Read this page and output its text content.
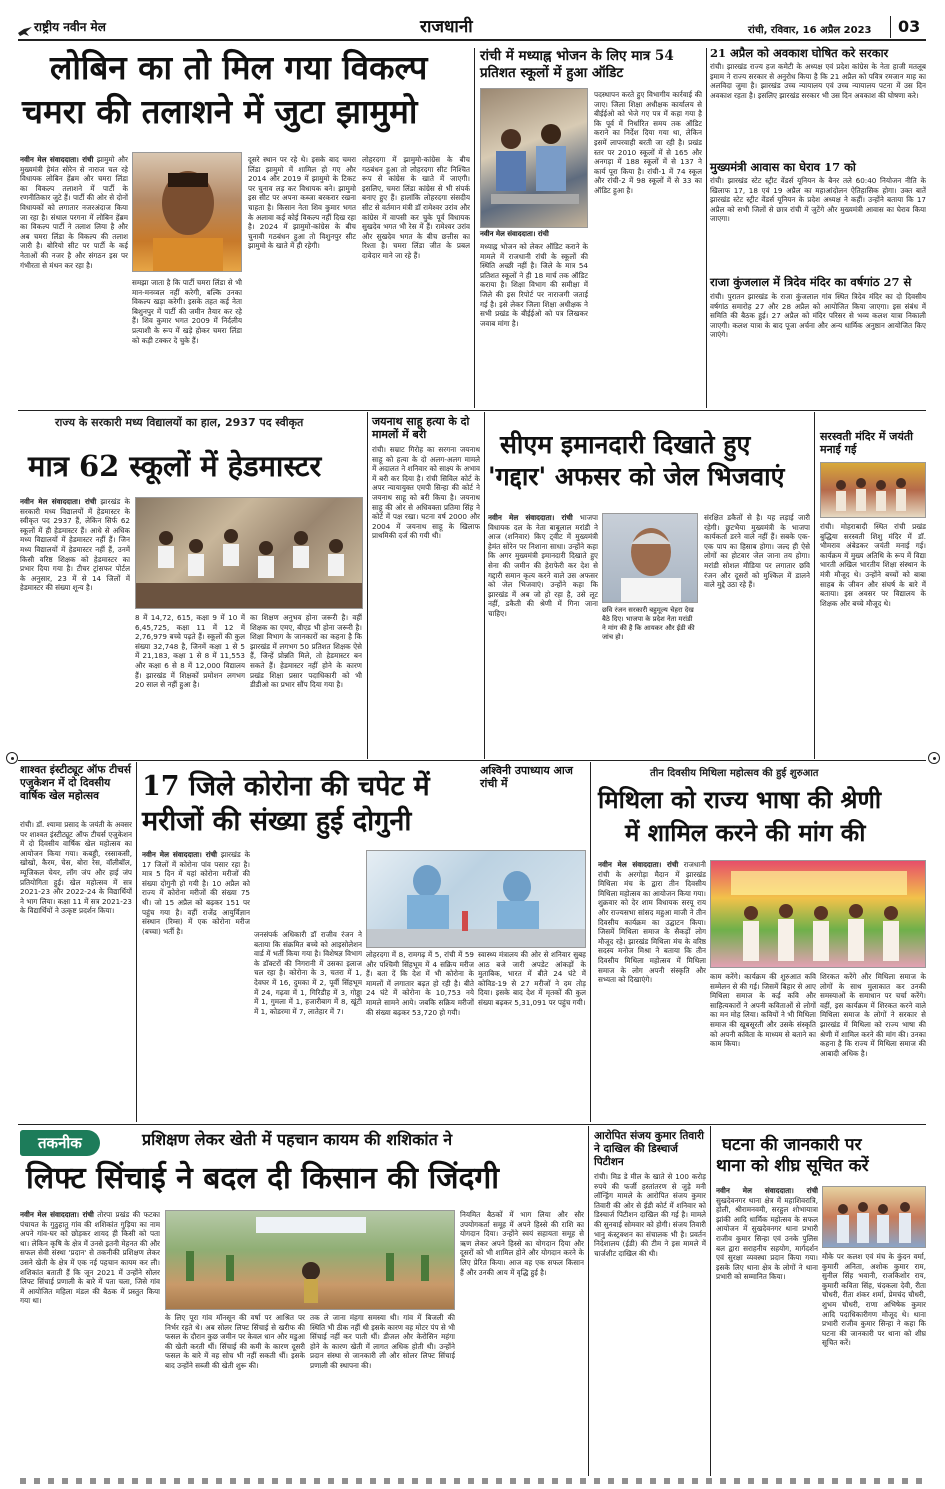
राष्ट्रीय नवीन मेल	राजधानी	रांची, रविवार, 16 अप्रैल 2023 03
लोबिन का तो मिल गया विकल्प
चमरा की तलाशने में जुटा झामुमो
नवीन मेल संवाददाता। रांची झामुमो और मुख्यमंत्री हेमंत सोरेन से नाराज चल रहे विधायक लोबिन हेंब्रम और चमरा लिंडा का विकल्प तलाशने में पार्टी के रणनीतिकार जुटे हैं। पार्टी की ओर से दोनों विधायकों को लगातार नजरअंदाज किया जा रहा है। संथाल परगना में लोबिन हेंब्रम का विकल्प पार्टी ने तलाश लिया है और अब चमरा लिंडा के विकल्प की तलाश जारी है। बोरियो सीट पर पार्टी के कई नेताओं की नजर है और संगठन इस पर गंभीरता से मंथन कर रहा है।
समझा जाता है कि पार्टी चमरा लिंडा से भी मान-मनव्वल नहीं करेगी, बल्कि उनका विकल्प खड़ा करेगी। इसके तहत कई नेता बिशुनपुर में पार्टी की जमीन तैयार कर रहे हैं। शिव कुमार भगत 2009 में निर्दलीय प्रत्याशी के रूप में खड़े होकर चमरा लिंडा को कड़ी टक्कर दे चुके हैं।
दूसरे स्थान पर रहे थे। इसके बाद चमरा लिंडा झामुमो में शामिल हो गए और 2014 और 2019 में झामुमो के टिकट पर चुनाव लड़ कर विधायक बने। झामुमो इस सीट पर अपना कब्जा बरकरार रखना चाहता है। किसान नेता शिव कुमार भगत के अलावा कई कोई विकल्प नहीं दिख रहा है। 2024 में झामुमो-कांग्रेस के बीच चुनावी गठबंधन हुआ तो विशुनपुर सीट झामुमो के खाते में ही रहेगी।
लोहरदगा में झामुमो-कांग्रेस के बीच गठबंधन हुआ तो लोहरदगा सीट निश्चित रूप से कांग्रेस के खाते में जाएगी। इसलिए, चमरा लिंडा कांग्रेस से भी संपर्क बनाए हुए हैं। हालांकि लोहरदगा संसदीय सीट से वर्तमान मंत्री डॉ रामेश्वर उरांव और कांग्रेस में वापसी कर चुके पूर्व विधायक सुखदेव भगत भी रेस में हैं। रामेश्वर उरांव और सुखदेव भगत के बीच छत्तीस का रिश्ता है। चमरा लिंडा जीत के प्रबल दावेदार माने जा रहे हैं।
रांची में मध्याह्न भोजन के लिए मात्र 54 प्रतिशत स्कूलों में हुआ ऑडिट
नवीन मेल संवाददाता। रांची
मध्याह्न भोजन को लेकर ऑडिट कराने के मामले में राजधानी रांची के स्कूलों की स्थिति अच्छी नहीं है। जिले के मात्र 54 प्रतिशत स्कूलों ने ही 18 मार्च तक ऑडिट कराया है। शिक्षा विभाग की समीक्षा में जिले की इस रिपोर्ट पर नाराजगी जताई गई है। इसे लेकर जिला शिक्षा अधीक्षक ने सभी प्रखंड के बीईईओ को पत्र लिखकर जवाब मांगा है।
पदस्थापन करते हुए विभागीय कार्रवाई की जाए। जिला शिक्षा अधीक्षक कार्यालय से बीईईओ को भेजे गए पत्र में कहा गया है कि पूर्व में निर्धारित समय तक ऑडिट कराने का निर्देश दिया गया था, लेकिन इसमें लापरवाही बरती जा रही है। प्रखंड स्तर पर 2010 स्कूलों में से 165 और अनगड़ा में 188 स्कूलों में से 137 ने कार्य पूरा किया है। रांची-1 में 74 स्कूल और रांची-2 में 98 स्कूलों में से 33 का ऑडिट हुआ है।
21 अप्रैल को अवकाश घोषित करे सरकार
रांची। झारखंड राज्य हज कमेटी के अध्यक्ष एवं प्रदेश कांग्रेस के नेता हाजी मतलूब इमाम ने राज्य सरकार से अनुरोध किया है कि 21 अप्रैल को पवित्र रमजान माह का अलविदा जुमा है। झारखंड उच्च न्यायालय एवं उच्च न्यायालय पटना में उस दिन अवकाश रहता है। इसलिए झारखंड सरकार भी उस दिन अवकाश की घोषणा करे।
मुख्यमंत्री आवास का घेराव 17 को
रांची। झारखंड स्टेट स्ट्रीट वेंडर्स यूनियन के बैनर तले 60:40 नियोजन नीति के खिलाफ 17, 18 एवं 19 अप्रैल का महाआंदोलन ऐतिहासिक होगा। उक्त बातें झारखंड स्टेट स्ट्रीट वेंडर्स यूनियन के प्रदेश अध्यक्ष ने कहीं। उन्होंने बताया कि 17 अप्रैल को सभी जिलों से छात्र रांची में जुटेंगे और मुख्यमंत्री आवास का घेराव किया जाएगा।
राजा कुंजलाल में त्रिदेव मंदिर का वर्षगांठ 27 से
रांची। पुरातन झारखंड के राजा कुंजलाल गांव स्थित त्रिदेव मंदिर का दो दिवसीय वर्षगांठ समारोह 27 और 28 अप्रैल को आयोजित किया जाएगा। इस संबंध में समिति की बैठक हुई। 27 अप्रैल को मंदिर परिसर से भव्य कलश यात्रा निकाली जाएगी। कलश यात्रा के बाद पूजा अर्चना और अन्य धार्मिक अनुष्ठान आयोजित किए जाएंगे।
राज्य के सरकारी मध्य विद्यालयों का हाल, 2937 पद स्वीकृत
मात्र 62 स्कूलों में हेडमास्टर
नवीन मेल संवाददाता। रांची झारखंड के सरकारी मध्य विद्यालयों में हेडमास्टर के स्वीकृत पद 2937 हैं, लेकिन सिर्फ 62 स्कूलों में ही हेडमास्टर हैं। आधे से अधिक मध्य विद्यालयों में हेडमास्टर नहीं हैं। जिन मध्य विद्यालयों में हेडमास्टर नहीं हैं, उनमें किसी वरिष्ठ शिक्षक को हेडमास्टर का प्रभार दिया गया है। टीचर ट्रांसफर पोर्टल के अनुसार, 23 में से 14 जिलों में हेडमास्टर की संख्या शून्य है।
8 में 14,72, 615, कक्षा 9 में 10 में 6,45,725, कक्षा 11 में 12 में 2,76,979 बच्चे पढ़ते हैं। स्कूलों की कुल संख्या 32,748 है, जिनमें कक्षा 1 से 5 में 21,183, कक्षा 1 से 8 में 11,553 और कक्षा 6 से 8 में 12,000 विद्यालय हैं। झारखंड में शिक्षकों प्रमोशन लगभग 20 साल से नहीं हुआ है।
का शिक्षण अनुभव होना जरूरी है। वहीं शिक्षक का एमए, बीएड भी होना जरूरी है। शिक्षा विभाग के जानकारों का कहना है कि झारखंड में लगभग 50 प्रतिशत शिक्षक ऐसे हैं, जिन्हें प्रोन्नति मिले, तो हेडमास्टर बन सकते हैं। हेडमास्टर नहीं होने के कारण प्रखंड शिक्षा प्रसार पदाधिकारी को भी डीडीओ का प्रभार सौंप दिया गया है।
जयनाथ साहू हत्या के दो मामलों में बरी
रांची। सम्राट गिरोह का सरगना जयनाथ साहू को हत्या के दो अलग-अलग मामले में अदालत ने शनिवार को साक्ष्य के अभाव में बरी कर दिया है। रांची सिविल कोर्ट के अपर न्यायायुक्त एमपी सिन्हा की कोर्ट ने जयनाथ साहू को बरी किया है। जयनाथ साहू की ओर से अधिवक्ता प्रतिमा सिंह ने कोर्ट में पक्ष रखा। घटना वर्ष 2000 और 2004 में जयनाथ साहू के खिलाफ प्राथमिकी दर्ज की गयी थी।
सीएम इमानदारी दिखाते हुए
'गद्दार' अफसर को जेल भिजवाएं
नवीन मेल संवाददाता। रांची भाजपा विधायक दल के नेता बाबूलाल मरांडी ने आज (शनिवार) किए ट्वीट में मुख्यमंत्री हेमंत सोरेन पर निशाना साधा। उन्होंने कहा कि अगर मुख्यमंत्री इमानदारी दिखाते हुए सेना की जमीन की हेराफेरी कर देश से गद्दारी समान कृत्य करने वाले उस अफसर को जेल भिजवाएं। उन्होंने कहा कि झारखंड में अब जो हो रहा है, उसे लूट नहीं, डकैती की श्रेणी में गिना जाना चाहिए।	छवि रंजन सरकारी बहुमूल्य चेहरा देख बैठे दिए। भाजपा के प्रदेश नेता मरांडी ने मांग की है कि आयकर और ईडी की जांच हो।
संरक्षित डकैतों से है। यह लड़ाई जारी रहेगी। छुटभैया मुख्यमंत्री के भाजपा कार्यकर्ता डरने वाले नहीं हैं। सबके एक-एक पाप का हिसाब होगा। जल्द ही ऐसे लोगों का होटवार जेल जाना तय होगा। मरांडी सोशल मीडिया पर लगातार छवि रंजन और दूसरों को मुश्किल में डालने वाले मुद्दे उठा रहे हैं।
सरस्वती मंदिर में जयंती मनाई गई
रांची। मोहराबादी स्थित रांची प्रखंड बुद्धिया सरस्वती शिशु मंदिर में डॉ. भीमराव अंबेडकर जयंती मनाई गई। कार्यक्रम में मुख्य अतिथि के रूप में विद्या भारती अखिल भारतीय शिक्षा संस्थान के मंत्री मौजूद थे। उन्होंने बच्चों को बाबा साहब के जीवन और संघर्ष के बारे में बताया। इस अवसर पर विद्यालय के शिक्षक और बच्चे मौजूद थे।
शाश्वत इंस्टीट्यूट ऑफ टीचर्स एजुकेशन में दो दिवसीय वार्षिक खेल महोत्सव
रांची। डॉ. श्यामा प्रसाद के जयंती के अवसर पर शाश्वत इंस्टीट्यूट ऑफ टीचर्स एजुकेशन में दो दिवसीय वार्षिक खेल महोत्सव का आयोजन किया गया। कबड्डी, रस्साकसी, खोखो, कैरम, चेस, बोरा रेस, वॉलीबॉल, म्यूजिकल चेयर, लॉग जंप और हाई जंप प्रतियोगिता हुई। खेल महोत्सव में सत्र 2021-23 और 2022-24 के विद्यार्थियों ने भाग लिया। कक्षा 11 में सत्र 2021-23 के विद्यार्थियों ने उत्कृष्ट प्रदर्शन किया।
17 जिले कोरोना की चपेट में
मरीजों की संख्या हुई दोगुनी
नवीन मेल संवाददाता। रांची झारखंड के 17 जिलों में कोरोना पांव पसार रहा है। मात्र 5 दिन में यहां कोरोना मरीजों की संख्या दोगुनी हो गयी है। 10 अप्रैल को राज्य में कोरोना मरीजों की संख्या 75 थी। जो 15 अप्रैल को बढ़कर 151 पर पहुंच गया है। वहीं राजेंद्र आयुर्विज्ञान संस्थान (रिम्स) में एक कोरोना मरीज (बच्चा) भर्ती है।	जनसंपर्क अधिकारी डॉ राजीव रंजन ने बताया कि संक्रमित बच्चे को आइसोलेशन वार्ड में भर्ती किया गया है। विशेषज्ञ विभाग के डॉक्टरों की निगरानी में उसका इलाज चल रहा है। कोरोना के 3, चतरा में 1, देवघर में 16, दुमका में 2, पूर्वी सिंहभूम में 24, गढ़वा में 1, गिरिडीह में 3, गोड्डा में 1, गुमला में 1, हजारीबाग में 8, खूंटी में 1, कोडरमा में 7, लातेहार में 7।
लोहरदगा में 8, रामगढ़ में 5, रांची में 59 और पश्चिमी सिंहभूम में 4 सक्रिय मरीज हैं। बता दें कि देश में भी कोरोना के मामलों में लगातार बढ़त हो रही है। बीते 24 घंटे में कोरोना के 10,753 नये मामले सामने आये। जबकि सक्रिय मरीजों की संख्या बढ़कर 53,720 हो गयी।
स्वास्थ्य मंत्रालय की ओर से शनिवार सुबह आठ बजे जारी अपडेट आंकड़ों के मुताबिक, भारत में बीते 24 घंटे में कोविड-19 से 27 मरीजों ने दम तोड़ दिया। इसके बाद देश में मृतकों की कुल संख्या बढ़कर 5,31,091 पर पहुंच गयी।
अश्विनी उपाध्याय आज रांची में
तीन दिवसीय मिथिला महोत्सव की हुई शुरुआत
मिथिला को राज्य भाषा की श्रेणी
में शामिल करने की मांग की
नवीन मेल संवाददाता। रांची राजधानी रांची के अरगोड़ा मैदान में झारखंड मिथिला मंच के द्वारा तीन दिवसीय मिथिला महोत्सव का आयोजन किया गया। शुक्रवार को देर शाम विधायक सरयू राय और राज्यसभा सांसद महुआ माजी ने तीन दिवसीय कार्यक्रम का उद्घाटन किया। जिसमें मिथिला समाज के सैकड़ों लोग मौजूद रहे। झारखंड मिथिला मंच के वरिष्ठ सदस्य मनोज मिश्रा ने बताया कि तीन दिवसीय मिथिला महोत्सव में मिथिला समाज के लोग अपनी संस्कृति और सभ्यता को दिखाएंगे।	काम करेंगे। कार्यक्रम की शुरुआत कवि सम्मेलन से की गई। जिसमें बिहार से आए मिथिला समाज के कई कवि और साहित्यकारों ने अपनी कविताओं से लोगों का मन मोह लिया। कवियों ने भी मिथिला समाज की खूबसूरती और उसके संस्कृति को अपनी कविता के माध्यम से बताने का काम किया।
शिरकत करेंगे और मिथिला समाज के लोगों के साथ मुलाकात कर उनकी समस्याओं के समाधान पर चर्चा करेंगे। वहीं, इस कार्यक्रम में शिरकत करने वाले मिथिला समाज के लोगों ने सरकार से झारखंड में मिथिला को राज्य भाषा की श्रेणी में शामिल करने की मांग की। उनका कहना है कि राज्य में मिथिला समाज की आबादी अधिक है।
तकनीक	प्रशिक्षण लेकर खेती में पहचान कायम की शशिकांत ने
लिफ्ट सिंचाई ने बदल दी किसान की जिंदगी
नवीन मेल संवाददाता। रांची तोरपा प्रखंड की फटका पंचायत के गुठुहातु गांव की शशिकांत गुड़िया का नाम अपने गांव-घर को छोड़कर शायद ही किसी को पता था। लेकिन कृषि के क्षेत्र में उनसे इतनी मेहनत की और सफल सेवी संस्था 'प्रदान' से तकनीकी प्रशिक्षण लेकर उसने खेती के क्षेत्र में एक नई पहचान कायम कर ली। शशिकांत बताती हैं कि जून 2021 में उन्होंने सोलर लिफ्ट सिंचाई प्रणाली के बारे में पता चला, जिसे गांव में आयोजित महिला मंडल की बैठक में प्रस्तुत किया गया था।
के लिए पूरा गांव मॉनसून की वर्षा पर आश्रित पर निर्भर रहते थे। अब सोलर लिफ्ट सिंचाई से खरीफ की फसल के दौरान कुछ जमीन पर केवल धान और मडुआ की खेती करती थीं। सिंचाई की कमी के कारण दूसरी फसल के बारे में वह सोच भी नहीं सकती थीं। इसके बाद उन्होंने सब्जी की खेती शुरू की।
तक ले जाना मंहगा समस्या थी। गांव में बिजली की स्थिति भी ठीक नहीं थी इसके कारण वह मोटर पंप से भी सिंचाई नहीं कर पाती थीं। डीजल और केरोसिन महंगा होने के कारण खेती में लागत अधिक होती थी। उन्होंने प्रदान संस्था से जानकारी ली और सोलर लिफ्ट सिंचाई प्रणाली की स्थापना की।
नियमित बैठकों में भाग लिया और सौर उपयोगकर्ता समूह में अपने हिस्से की राशि का योगदान दिया। उन्होंने स्वयं सहायता समूह से ऋण लेकर अपने हिस्से का योगदान दिया और दूसरों को भी शामिल होने और योगदान करने के लिए प्रेरित किया। आज वह एक सफल किसान हैं और उनकी आय में वृद्धि हुई है।
आरोपित संजय कुमार तिवारी ने दाखिल की डिस्चार्ज पिटीशन
रांची। मिड डे मील के खाते से 100 करोड़ रुपये की फर्जी हस्तांतरण से जुड़े मनी लॉन्ड्रिंग मामले के आरोपित संजय कुमार तिवारी की ओर से ईडी कोर्ट में शनिवार को डिस्चार्ज पिटीशन दाखिल की गई है। मामले की सुनवाई सोमवार को होगी। संजय तिवारी भानु कंस्ट्रक्शन का संचालक भी है। प्रवर्तन निदेशालय (ईडी) की टीम ने इस मामले में चार्जशीट दाखिल की थी।
घटना की जानकारी पर
थाना को शीघ्र सूचित करें
नवीन मेल संवाददाता। रांची सुखदेवनगर थाना क्षेत्र में महाशिवरात्रि, होली, श्रीरामनवमी, सरहुल शोभायात्रा झांकी आदि धार्मिक महोत्सव के सफल आयोजन में सुखदेवनगर थाना प्रभारी राजीव कुमार सिन्हा एवं उनके पुलिस बल द्वारा सराहनीय सहयोग, मार्गदर्शन एवं सुरक्षा व्यवस्था प्रदान किया गया। इसके लिए थाना क्षेत्र के लोगों ने थाना प्रभारी को सम्मानित किया।
मौके पर कलश एवं मंच के कुंदन वर्मा, कुमारी अनिता, अशोक कुमार राम, सुनील सिंह भवानी, राजकिशोर राय, कुमारी कविता सिंह, चंदकला देवी, रीता चौधरी, रीता शंकर शर्मा, प्रेमचंद चौधरी, शुभम चौधरी, राणा अभिषेक कुमार आदि पदाधिकारीगण मौजूद थे। थाना प्रभारी राजीव कुमार सिन्हा ने कहा कि घटना की जानकारी पर थाना को शीघ्र सूचित करें।
